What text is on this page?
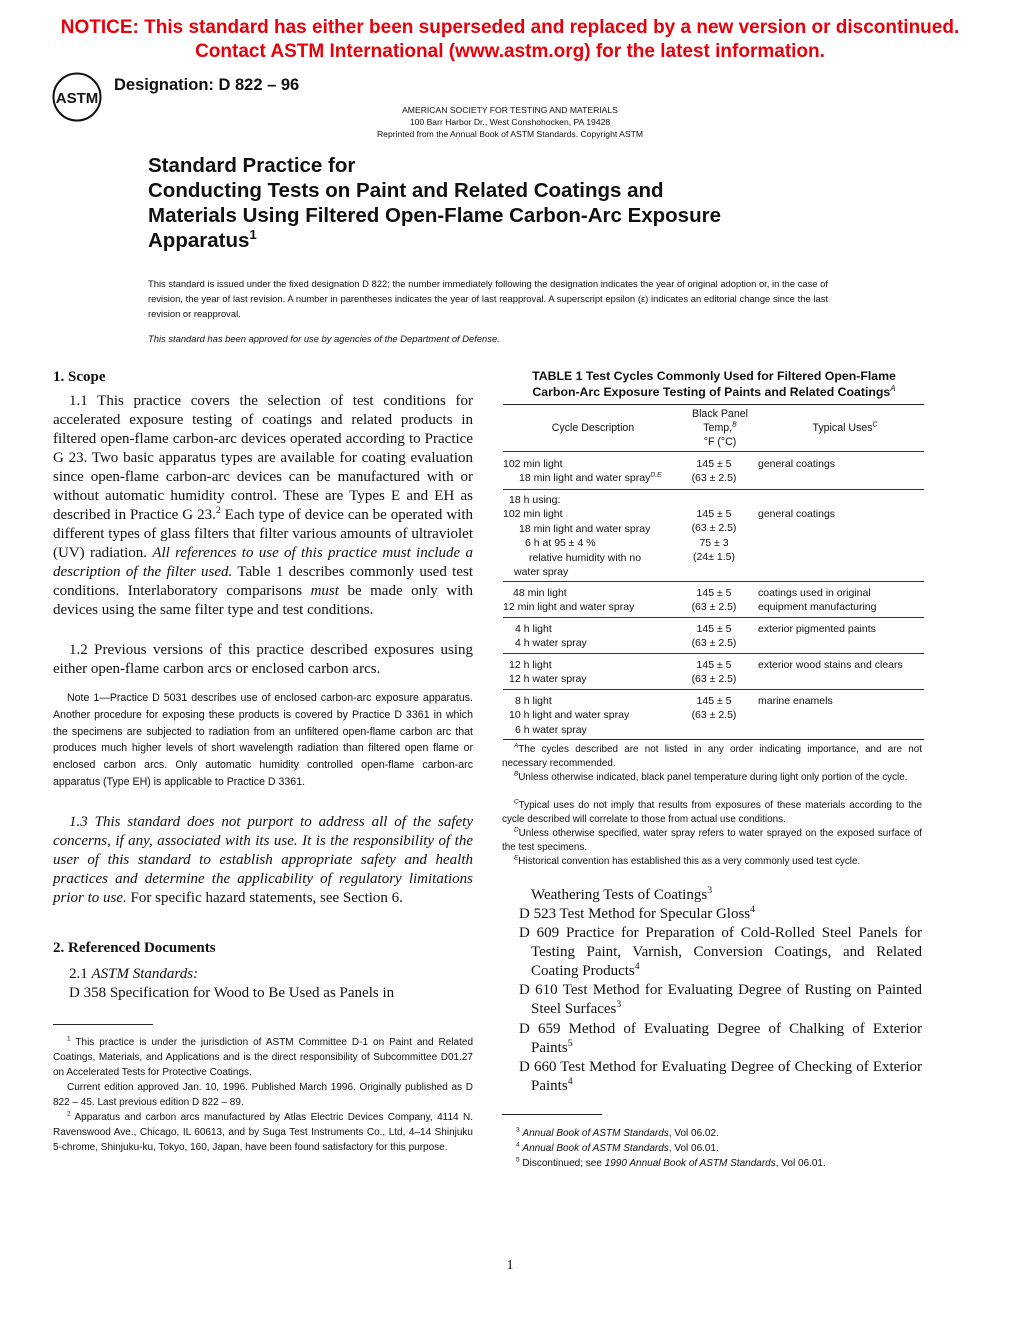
NOTICE: This standard has either been superseded and replaced by a new version or discontinued.
Contact ASTM International (www.astm.org) for the latest information.
ASTM
Designation: D 822 – 96
AMERICAN SOCIETY FOR TESTING AND MATERIALS
100 Barr Harbor Dr., West Conshohocken, PA 19428
Reprinted from the Annual Book of ASTM Standards. Copyright ASTM
Standard Practice for
Conducting Tests on Paint and Related Coatings and
Materials Using Filtered Open-Flame Carbon-Arc Exposure
Apparatus$^1$
This standard is issued under the fixed designation D 822; the number immediately following the designation indicates the year of original adoption or, in the case of revision, the year of last revision. A number in parentheses indicates the year of last reapproval. A superscript epsilon (ε) indicates an editorial change since the last revision or reapproval.
This standard has been approved for use by agencies of the Department of Defense.
1. Scope
1.1 This practice covers the selection of test conditions for accelerated exposure testing of coatings and related products in filtered open-flame carbon-arc devices operated according to Practice G 23. Two basic apparatus types are available for coating evaluation since open-flame carbon-arc devices can be manufactured with or without automatic humidity control. These are Types E and EH as described in Practice G 23.$^2$ Each type of device can be operated with different types of glass filters that filter various amounts of ultraviolet (UV) radiation. All references to use of this practice must include a description of the filter used. Table 1 describes commonly used test conditions. Interlaboratory comparisons must be made only with devices using the same filter type and test conditions.
1.2 Previous versions of this practice described exposures using either open-flame carbon arcs or enclosed carbon arcs.
Note 1—Practice D 5031 describes use of enclosed carbon-arc exposure apparatus. Another procedure for exposing these products is covered by Practice D 3361 in which the specimens are subjected to radiation from an unfiltered open-flame carbon arc that produces much higher levels of short wavelength radiation than filtered open flame or enclosed carbon arcs. Only automatic humidity controlled open-flame carbon-arc apparatus (Type EH) is applicable to Practice D 3361.
1.3 This standard does not purport to address all of the safety concerns, if any, associated with its use. It is the responsibility of the user of this standard to establish appropriate safety and health practices and determine the applicability of regulatory limitations prior to use. For specific hazard statements, see Section 6.
2. Referenced Documents
2.1 ASTM Standards:
D 358 Specification for Wood to Be Used as Panels in
$^1$ This practice is under the jurisdiction of ASTM Committee D-1 on Paint and Related Coatings, Materials, and Applications and is the direct responsibility of Subcommittee D01.27 on Accelerated Tests for Protective Coatings.
Current edition approved Jan. 10, 1996. Published March 1996. Originally published as D 822 – 45. Last previous edition D 822 – 89.
$^2$ Apparatus and carbon arcs manufactured by Atlas Electric Devices Company, 4114 N. Ravenswood Ave., Chicago, IL 60613, and by Suga Test Instruments Co., Ltd, 4–14 Shinjuku 5-chrome, Shinjuku-ku, Tokyo, 160, Japan, have been found satisfactory for this purpose.
TABLE 1 Test Cycles Commonly Used for Filtered Open-Flame
Carbon-Arc Exposure Testing of Paints and Related Coatings$^A$
Cycle Description
Black Panel
Temp,$^B$
°F (°C)
Typical Uses$^C$
102 min light
18 min light and water spray$^{D,E}$
145 ± 5
(63 ± 2.5)
general coatings
18 h using:
102 min light
18 min light and water spray
6 h at 95 ± 4 %
relative humidity with no
water spray
145 ± 5
(63 ± 2.5)
75 ± 3
(24± 1.5)
general coatings
48 min light
12 min light and water spray
145 ± 5
(63 ± 2.5)
coatings used in original
equipment manufacturing
4 h light
4 h water spray
145 ± 5
(63 ± 2.5)
exterior pigmented paints
12 h light
12 h water spray
145 ± 5
(63 ± 2.5)
exterior wood stains and clears
8 h light
10 h light and water spray
6 h water spray
145 ± 5
(63 ± 2.5)
marine enamels
$^A$The cycles described are not listed in any order indicating importance, and are not necessary recommended.
$^B$Unless otherwise indicated, black panel temperature during light only portion of the cycle.
$^C$Typical uses do not imply that results from exposures of these materials according to the cycle described will correlate to those from actual use conditions.
$^D$Unless otherwise specified, water spray refers to water sprayed on the exposed surface of the test specimens.
$^E$Historical convention has established this as a very commonly used test cycle.
Weathering Tests of Coatings$^3$
D 523 Test Method for Specular Gloss$^4$
D 609 Practice for Preparation of Cold-Rolled Steel Panels for Testing Paint, Varnish, Conversion Coatings, and Related Coating Products$^4$
D 610 Test Method for Evaluating Degree of Rusting on Painted Steel Surfaces$^3$
D 659 Method of Evaluating Degree of Chalking of Exterior Paints$^5$
D 660 Test Method for Evaluating Degree of Checking of Exterior Paints$^4$
$^3$ Annual Book of ASTM Standards, Vol 06.02.
$^4$ Annual Book of ASTM Standards, Vol 06.01.
$^5$ Discontinued; see 1990 Annual Book of ASTM Standards, Vol 06.01.
1
